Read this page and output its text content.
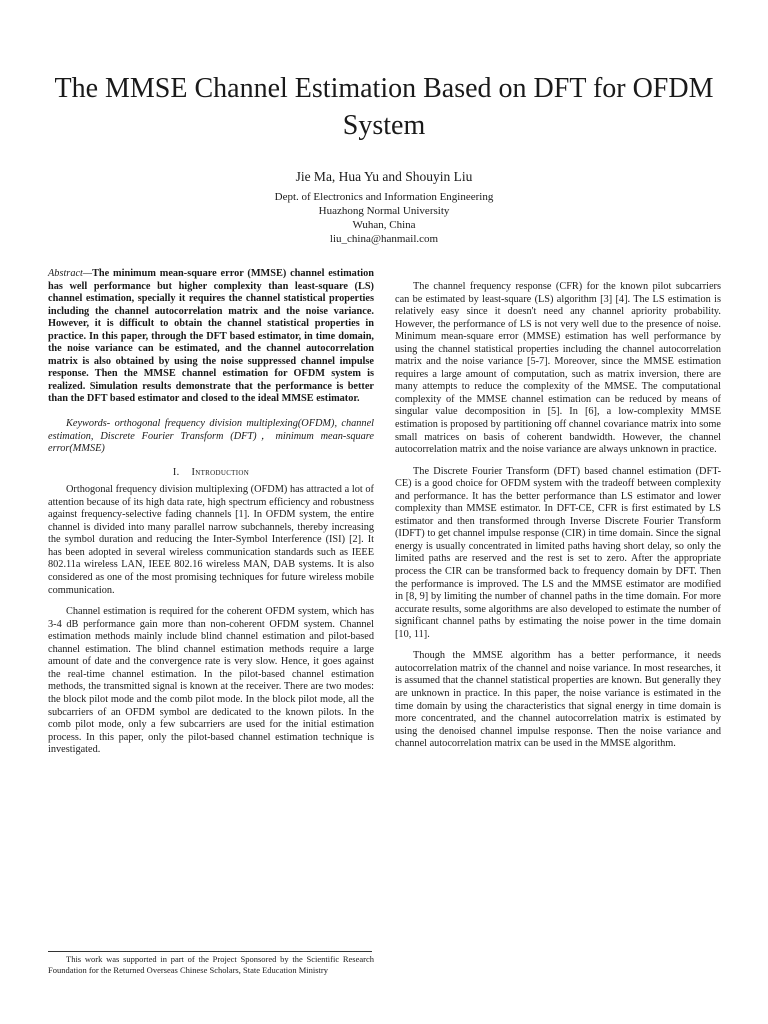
The MMSE Channel Estimation Based on DFT for OFDM System
Jie Ma, Hua Yu and Shouyin Liu
Dept. of Electronics and Information Engineering
Huazhong Normal University
Wuhan, China
liu_china@hanmail.com

Abstract—The minimum mean-square error (MMSE) channel estimation has well performance but higher complexity than least-square (LS) channel estimation, specially it requires the channel statistical properties including the channel autocorrelation matrix and the noise variance. However, it is difficult to obtain the channel statistical properties in practice. In this paper, through the DFT based estimator, in time domain, the noise variance can be estimated, and the channel autocorrelation matrix is also obtained by using the noise suppressed channel impulse response. Then the MMSE channel estimation for OFDM system is realized. Simulation results demonstrate that the performance is better than the DFT based estimator and closed to the ideal MMSE estimator.

Keywords- orthogonal frequency division multiplexing(OFDM), channel estimation, Discrete Fourier Transform (DFT)，minimum mean-square error(MMSE)

I. Introduction

Orthogonal frequency division multiplexing (OFDM) has attracted a lot of attention because of its high data rate, high spectrum efficiency and robustness against frequency-selective fading channels [1]. In OFDM system, the entire channel is divided into many parallel narrow subchannels, thereby increasing the symbol duration and reducing the Inter-Symbol Interference (ISI) [2]. It has been adopted in several wireless communication standards such as IEEE 802.11a wireless LAN, IEEE 802.16 wireless MAN, DAB systems. It is also considered as one of the most promising techniques for future wireless mobile communication.

Channel estimation is required for the coherent OFDM system, which has 3-4 dB performance gain more than non-coherent OFDM system. Channel estimation methods mainly include blind channel estimation and pilot-based channel estimation. The blind channel estimation methods require a large amount of date and the convergence rate is very slow. Hence, it goes against the real-time channel estimation. In the pilot-based channel estimation methods, the transmitted signal is known at the receiver. There are two modes: the block pilot mode and the comb pilot mode. In the block pilot mode, all the subcarriers of an OFDM symbol are dedicated to the known pilots. In the comb pilot mode, only a few subcarriers are used for the initial estimation process. In this paper, only the pilot-based channel estimation technique is investigated.

The channel frequency response (CFR) for the known pilot subcarriers can be estimated by least-square (LS) algorithm [3] [4]. The LS estimation is relatively easy since it doesn't need any channel apriority probability. However, the performance of LS is not very well due to the presence of noise. Minimum mean-square error (MMSE) estimation has well performance by using the channel statistical properties including the channel autocorrelation matrix and the noise variance [5-7]. Moreover, since the MMSE estimation requires a large amount of computation, such as matrix inversion, there are many attempts to reduce the complexity of the MMSE. The computational complexity of the MMSE channel estimation can be reduced by means of singular value decomposition in [5]. In [6], a low-complexity MMSE estimation is proposed by partitioning off channel covariance matrix into some small matrices on basis of coherent bandwidth. However, the channel autocorrelation matrix and the noise variance are always unknown in practice.

The Discrete Fourier Transform (DFT) based channel estimation (DFT-CE) is a good choice for OFDM system with the tradeoff between complexity and performance. It has the better performance than LS estimator and lower complexity than MMSE estimator. In DFT-CE, CFR is first estimated by LS estimator and then transformed through Inverse Discrete Fourier Transform (IDFT) to get channel impulse response (CIR) in time domain. Since the signal energy is usually concentrated in limited paths having short delay, so only the limited paths are reserved and the rest is set to zero. After the appropriate process the CIR can be transformed back to frequency domain by DFT. Then the performance is improved. The LS and the MMSE estimator are modified in [8, 9] by limiting the number of channel paths in the time domain. For more accurate results, some algorithms are also developed to estimate the number of significant channel paths by estimating the noise power in the time domain [10, 11].

Though the MMSE algorithm has a better performance, it needs autocorrelation matrix of the channel and noise variance. In most researches, it is assumed that the channel statistical properties are known. But generally they are unknown in practice. In this paper, the noise variance is estimated in the time domain by using the characteristics that signal energy in time domain is more concentrated, and the channel autocorrelation matrix is estimated by using the denoised channel impulse response. Then the noise variance and channel autocorrelation matrix can be used in the MMSE algorithm.

This work was supported in part of the Project Sponsored by the Scientific Research Foundation for the Returned Overseas Chinese Scholars, State Education Ministry
